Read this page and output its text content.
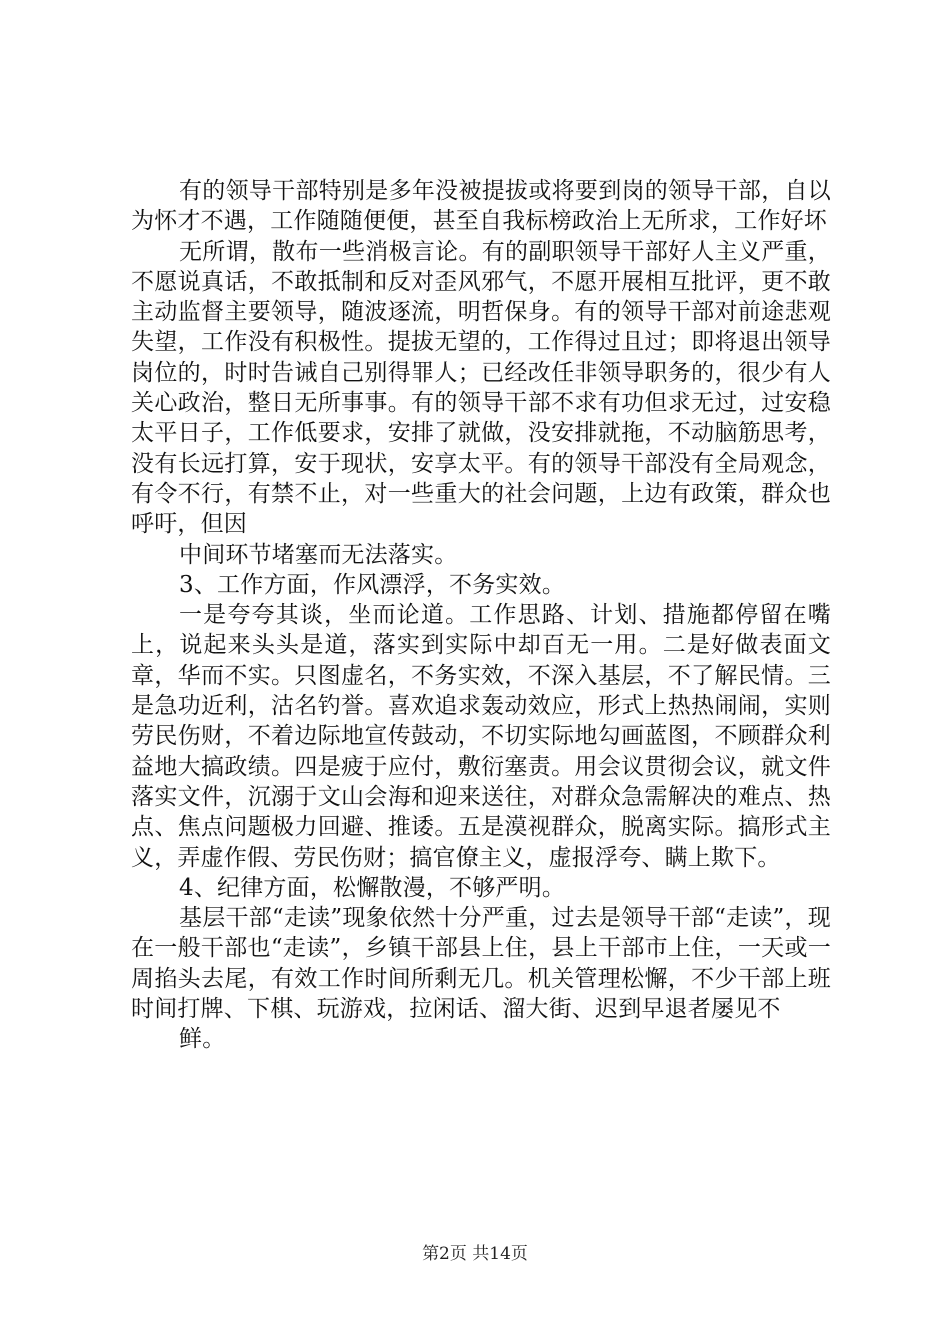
有的领导干部特别是多年没被提拔或将要到岗的领导干部，自以为怀才不遇，工作随随便便，甚至自我标榜政治上无所求，工作好坏

无所谓，散布一些消极言论。有的副职领导干部好人主义严重，不愿说真话，不敢抵制和反对歪风邪气，不愿开展相互批评，更不敢主动监督主要领导，随波逐流，明哲保身。有的领导干部对前途悲观失望，工作没有积极性。提拔无望的，工作得过且过；即将退出领导岗位的，时时告诫自己别得罪人；已经改任非领导职务的，很少有人关心政治，整日无所事事。有的领导干部不求有功但求无过，过安稳太平日子，工作低要求，安排了就做，没安排就拖，不动脑筋思考，没有长远打算，安于现状，安享太平。有的领导干部没有全局观念，有令不行，有禁不止，对一些重大的社会问题，上边有政策，群众也呼吁，但因

中间环节堵塞而无法落实。

3、工作方面，作风漂浮，不务实效。

一是夸夸其谈，坐而论道。工作思路、计划、措施都停留在嘴上，说起来头头是道，落实到实际中却百无一用。二是好做表面文章，华而不实。只图虚名，不务实效，不深入基层，不了解民情。三是急功近利，沽名钓誉。喜欢追求轰动效应，形式上热热闹闹，实则劳民伤财，不着边际地宣传鼓动，不切实际地勾画蓝图，不顾群众利益地大搞政绩。四是疲于应付，敷衍塞责。用会议贯彻会议，就文件落实文件，沉溺于文山会海和迎来送往，对群众急需解决的难点、热点、焦点问题极力回避、推诿。五是漠视群众，脱离实际。搞形式主义，弄虚作假、劳民伤财；搞官僚主义，虚报浮夸、瞒上欺下。

4、纪律方面，松懈散漫，不够严明。

基层干部“走读”现象依然十分严重，过去是领导干部“走读”，现在一般干部也“走读”，乡镇干部县上住，县上干部市上住，一天或一周掐头去尾，有效工作时间所剩无几。机关管理松懈，不少干部上班时间打牌、下棋、玩游戏，拉闲话、溜大街、迟到早退者屡见不

鲜。

第2页 共14页
